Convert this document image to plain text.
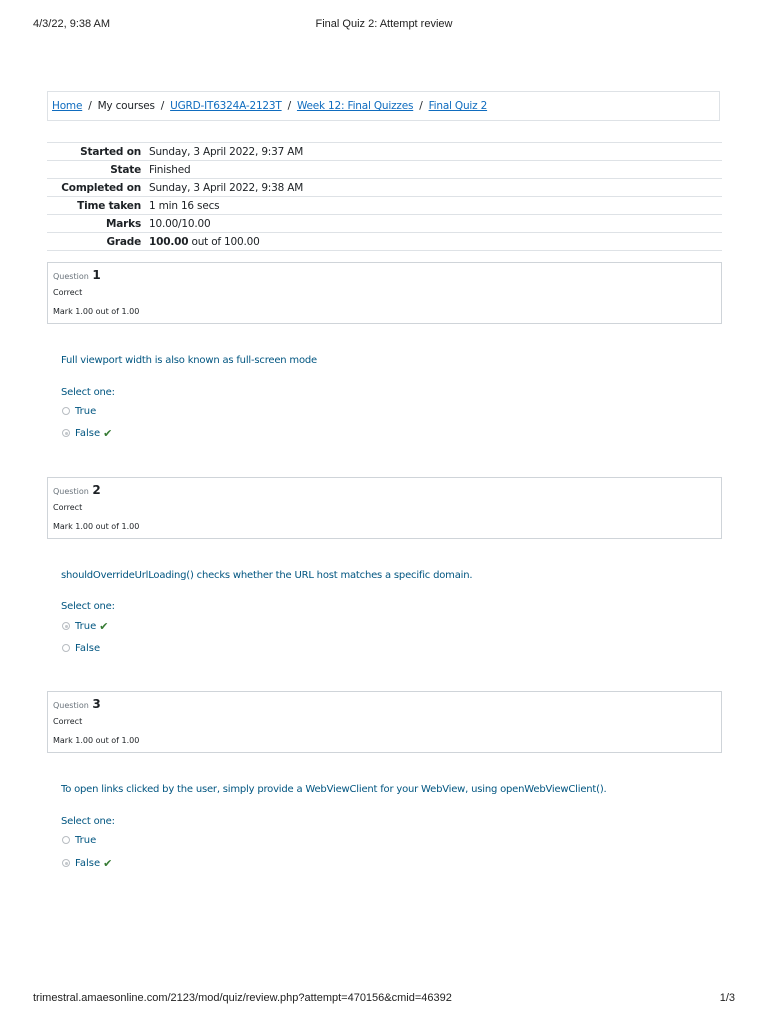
4/3/22, 9:38 AM	Final Quiz 2: Attempt review
Home / My courses / UGRD-IT6324A-2123T / Week 12: Final Quizzes / Final Quiz 2
Started on	Sunday, 3 April 2022, 9:37 AM
State	Finished
Completed on	Sunday, 3 April 2022, 9:38 AM
Time taken	1 min 16 secs
Marks	10.00/10.00
Grade	100.00 out of 100.00
Question 1
Correct
Mark 1.00 out of 1.00
Full viewport width is also known as full-screen mode
Select one:
True
False ✔
Question 2
Correct
Mark 1.00 out of 1.00
shouldOverrideUrlLoading() checks whether the URL host matches a specific domain.
Select one:
True ✔
False
Question 3
Correct
Mark 1.00 out of 1.00
To open links clicked by the user, simply provide a WebViewClient for your WebView, using openWebViewClient().
Select one:
True
False ✔
trimestral.amaesonline.com/2123/mod/quiz/review.php?attempt=470156&cmid=46392	1/3
